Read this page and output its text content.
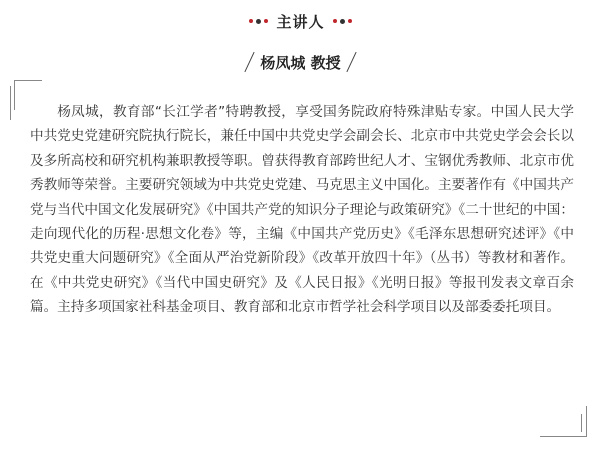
主讲人
杨凤城 教授

杨凤城，教育部“长江学者”特聘教授，享受国务院政府特殊津贴专家。中国人民大学中共党史党建研究院执行院长，兼任中国中共党史学会副会长、北京市中共党史学会会长以及多所高校和研究机构兼职教授等职。曾获得教育部跨世纪人才、宝钢优秀教师、北京市优秀教师等荣誉。主要研究领域为中共党史党建、马克思主义中国化。主要著作有《中国共产党与当代中国文化发展研究》《中国共产党的知识分子理论与政策研究》《二十世纪的中国：走向现代化的历程·思想文化卷》等，主编《中国共产党历史》《毛泽东思想研究述评》《中共党史重大问题研究》《全面从严治党新阶段》《改革开放四十年》（丛书）等教材和著作。在《中共党史研究》《当代中国史研究》及《人民日报》《光明日报》等报刊发表文章百余篇。主持多项国家社科基金项目、教育部和北京市哲学社会科学项目以及部委委托项目。
